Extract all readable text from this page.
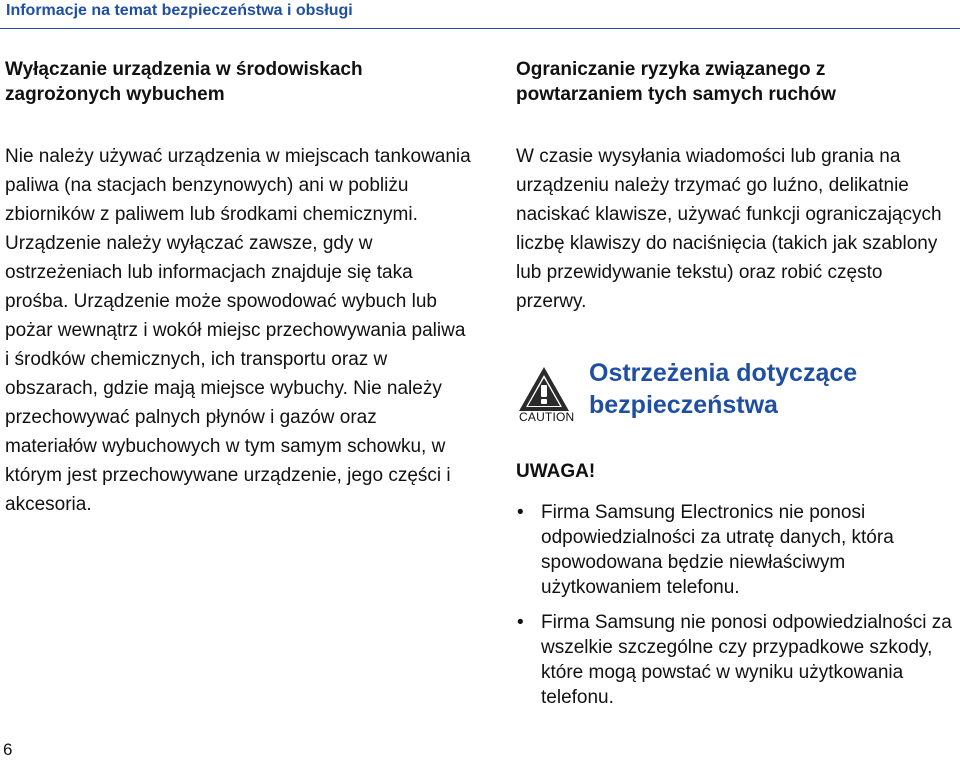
Informacje na temat bezpieczeństwa i obsługi
Wyłączanie urządzenia w środowiskach zagrożonych wybuchem

Nie należy używać urządzenia w miejscach tankowania paliwa (na stacjach benzynowych) ani w pobliżu zbiorników z paliwem lub środkami chemicznymi. Urządzenie należy wyłączać zawsze, gdy w ostrzeżeniach lub informacjach znajduje się taka prośba. Urządzenie może spowodować wybuch lub pożar wewnątrz i wokół miejsc przechowywania paliwa i środków chemicznych, ich transportu oraz w obszarach, gdzie mają miejsce wybuchy. Nie należy przechowywać palnych płynów i gazów oraz materiałów wybuchowych w tym samym schowku, w którym jest przechowywane urządzenie, jego części i akcesoria.

Ograniczanie ryzyka związanego z powtarzaniem tych samych ruchów

W czasie wysyłania wiadomości lub grania na urządzeniu należy trzymać go luźno, delikatnie naciskać klawisze, używać funkcji ograniczających liczbę klawiszy do naciśnięcia (takich jak szablony lub przewidywanie tekstu) oraz robić często przerwy.

CAUTION
Ostrzeżenia dotyczące bezpieczeństwa
UWAGA!
• Firma Samsung Electronics nie ponosi odpowiedzialności za utratę danych, która spowodowana będzie niewłaściwym użytkowaniem telefonu.
• Firma Samsung nie ponosi odpowiedzialności za wszelkie szczególne czy przypadkowe szkody, które mogą powstać w wyniku użytkowania telefonu.
6
